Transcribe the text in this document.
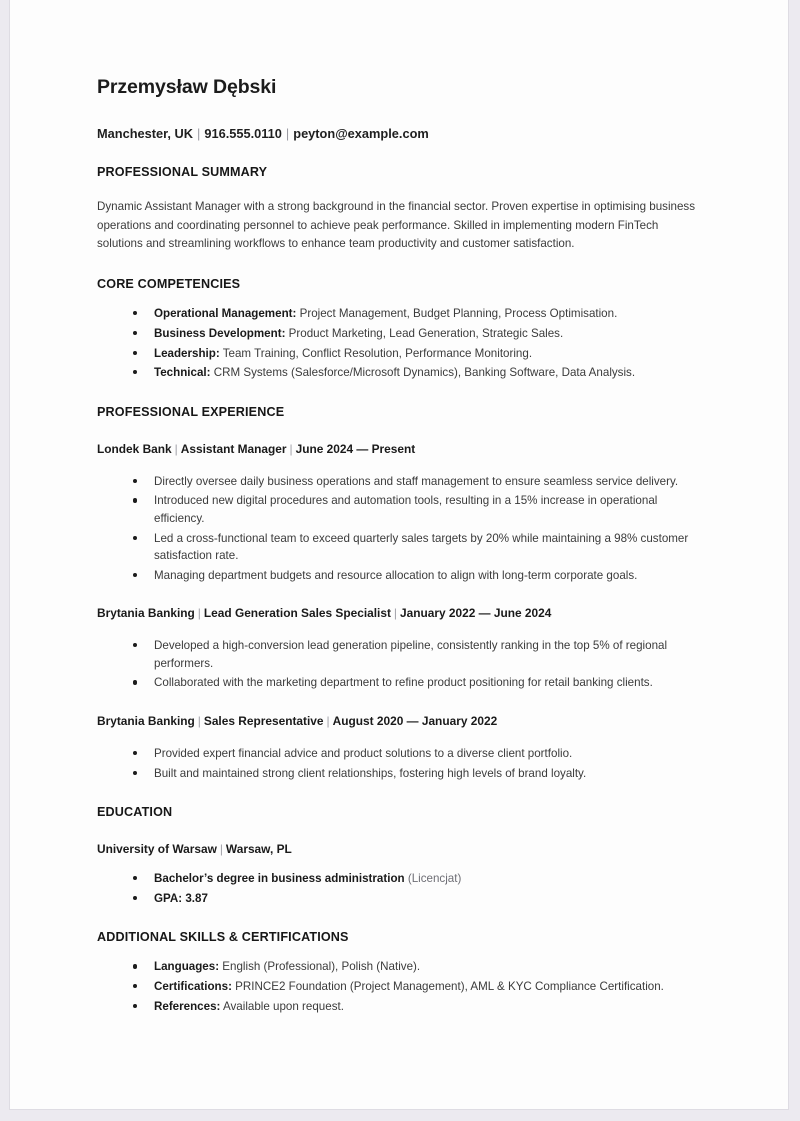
Przemysław Dębski
Manchester, UK | 916.555.0110 | peyton@example.com
PROFESSIONAL SUMMARY

Dynamic Assistant Manager with a strong background in the financial sector. Proven expertise in optimising business operations and coordinating personnel to achieve peak performance. Skilled in implementing modern FinTech solutions and streamlining workflows to enhance team productivity and customer satisfaction.

CORE COMPETENCIES
Operational Management: Project Management, Budget Planning, Process Optimisation.
Business Development: Product Marketing, Lead Generation, Strategic Sales.
Leadership: Team Training, Conflict Resolution, Performance Monitoring.
Technical: CRM Systems (Salesforce/Microsoft Dynamics), Banking Software, Data Analysis.
PROFESSIONAL EXPERIENCE
Londek Bank | Assistant Manager | June 2024 — Present
Directly oversee daily business operations and staff management to ensure seamless service delivery.
Introduced new digital procedures and automation tools, resulting in a 15% increase in operational efficiency.
Led a cross-functional team to exceed quarterly sales targets by 20% while maintaining a 98% customer satisfaction rate.
Managing department budgets and resource allocation to align with long-term corporate goals.
Brytania Banking | Lead Generation Sales Specialist | January 2022 — June 2024
Developed a high-conversion lead generation pipeline, consistently ranking in the top 5% of regional performers.
Collaborated with the marketing department to refine product positioning for retail banking clients.
Brytania Banking | Sales Representative | August 2020 — January 2022
Provided expert financial advice and product solutions to a diverse client portfolio.
Built and maintained strong client relationships, fostering high levels of brand loyalty.
EDUCATION
University of Warsaw | Warsaw, PL
Bachelor’s degree in business administration (Licencjat)
GPA: 3.87
ADDITIONAL SKILLS & CERTIFICATIONS
Languages: English (Professional), Polish (Native).
Certifications: PRINCE2 Foundation (Project Management), AML & KYC Compliance Certification.
References: Available upon request.
